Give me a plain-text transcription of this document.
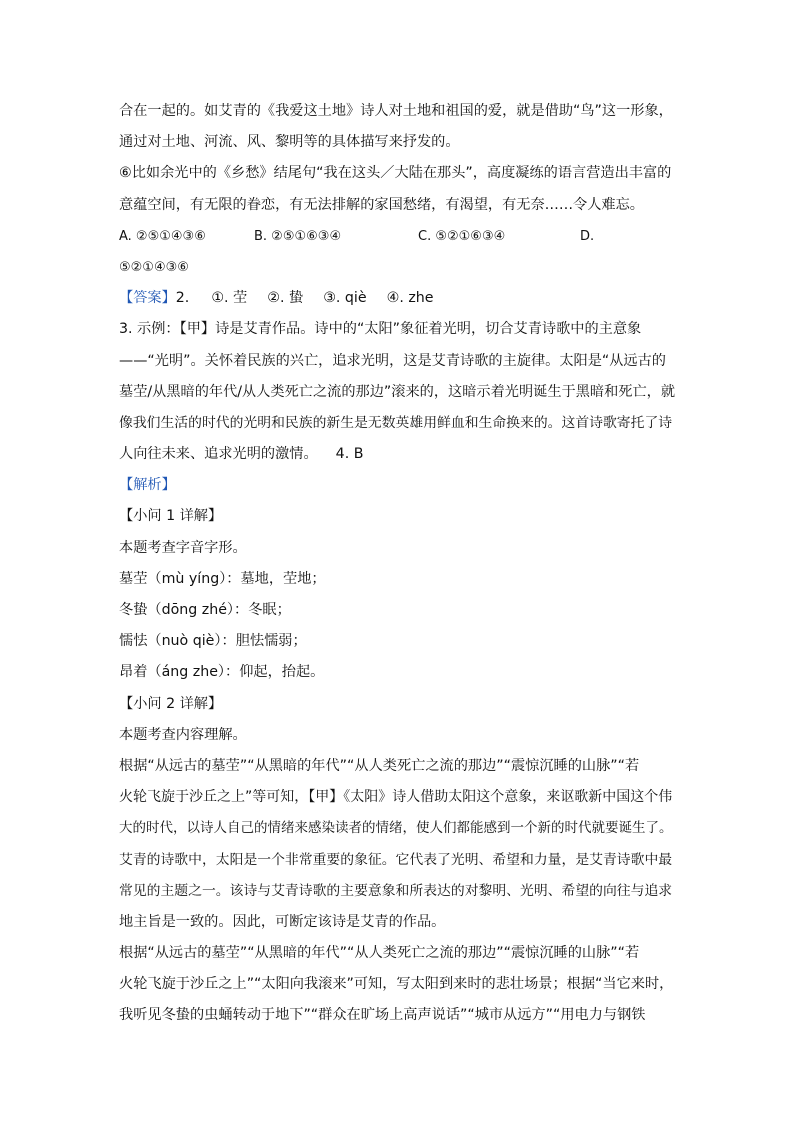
合在一起的。如艾青的《我爱这土地》诗人对土地和祖国的爱，就是借助“鸟”这一形象，
通过对土地、河流、风、黎明等的具体描写来抒发的。
⑥比如余光中的《乡愁》结尾句“我在这头／大陆在那头”，高度凝练的语言营造出丰富的
意蕴空间，有无限的眷恋，有无法排解的家国愁绪，有渴望，有无奈……令人难忘。
A. ②⑤①④③⑥	B. ②⑤①⑥③④	C. ⑤②①⑥③④	D.
⑤②①④③⑥
【答案】2. ①. 茔 ②. 蛰 ③. qiè ④. zhe
3. 示例：【甲】诗是艾青作品。诗中的“太阳”象征着光明，切合艾青诗歌中的主意象
——“光明”。关怀着民族的兴亡，追求光明，这是艾青诗歌的主旋律。太阳是“从远古的
墓茔/从黑暗的年代/从人类死亡之流的那边”滚来的，这暗示着光明诞生于黑暗和死亡，就
像我们生活的时代的光明和民族的新生是无数英雄用鲜血和生命换来的。这首诗歌寄托了诗
人向往未来、追求光明的激情。    4. B
【解析】
【小问 1 详解】
本题考查字音字形。
墓茔（mù yíng）：墓地，茔地；
冬蛰（dōng zhé）：冬眠；
懦怯（nuò qiè）：胆怯懦弱；
昂着（áng zhe）：仰起，抬起。
【小问 2 详解】
本题考查内容理解。
根据“从远古的墓茔”“从黑暗的年代”“从人类死亡之流的那边”“震惊沉睡的山脉”“若
火轮飞旋于沙丘之上”等可知，【甲】《太阳》诗人借助太阳这个意象，来讴歌新中国这个伟
大的时代，以诗人自己的情绪来感染读者的情绪，使人们都能感到一个新的时代就要诞生了。
艾青的诗歌中，太阳是一个非常重要的象征。它代表了光明、希望和力量，是艾青诗歌中最
常见的主题之一。该诗与艾青诗歌的主要意象和所表达的对黎明、光明、希望的向往与追求
地主旨是一致的。因此，可断定该诗是艾青的作品。
根据“从远古的墓茔”“从黑暗的年代”“从人类死亡之流的那边”“震惊沉睡的山脉”“若
火轮飞旋于沙丘之上”“太阳向我滚来”可知，写太阳到来时的悲壮场景；根据“当它来时，
我听见冬蛰的虫蛹转动于地下”“群众在旷场上高声说话”“城市从远方”“用电力与钢铁
